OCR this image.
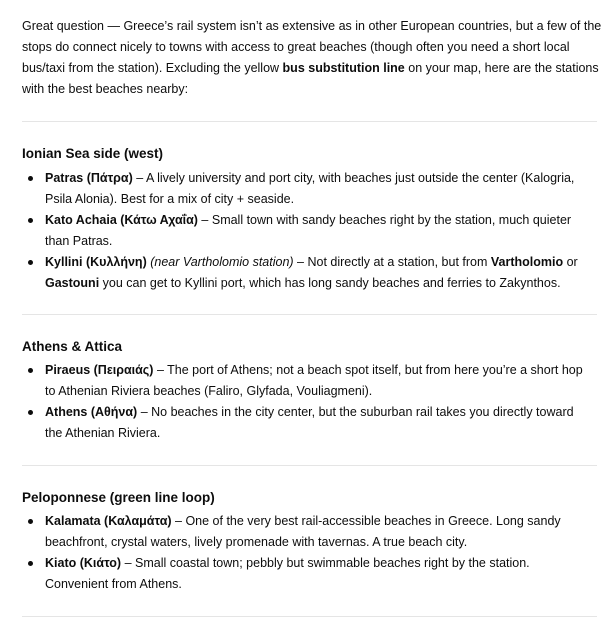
Great question — Greece’s rail system isn’t as extensive as in other European countries, but a few of the stops do connect nicely to towns with access to great beaches (though often you need a short local bus/taxi from the station). Excluding the yellow bus substitution line on your map, here are the stations with the best beaches nearby:

Ionian Sea side (west)
Patras (Πάτρα) – A lively university and port city, with beaches just outside the center (Kalogria, Psila Alonia). Best for a mix of city + seaside.
Kato Achaia (Κάτω Αχαΐα) – Small town with sandy beaches right by the station, much quieter than Patras.
Kyllini (Κυλλήνη) (near Vartholomio station) – Not directly at a station, but from Vartholomio or Gastouni you can get to Kyllini port, which has long sandy beaches and ferries to Zakynthos.
Athens & Attica
Piraeus (Πειραιάς) – The port of Athens; not a beach spot itself, but from here you’re a short hop to Athenian Riviera beaches (Faliro, Glyfada, Vouliagmeni).
Athens (Αθήνα) – No beaches in the city center, but the suburban rail takes you directly toward the Athenian Riviera.
Peloponnese (green line loop)
Kalamata (Καλαμάτα) – One of the very best rail-accessible beaches in Greece. Long sandy beachfront, crystal waters, lively promenade with tavernas. A true beach city.
Kiato (Κιάτο) – Small coastal town; pebbly but swimmable beaches right by the station. Convenient from Athens.
